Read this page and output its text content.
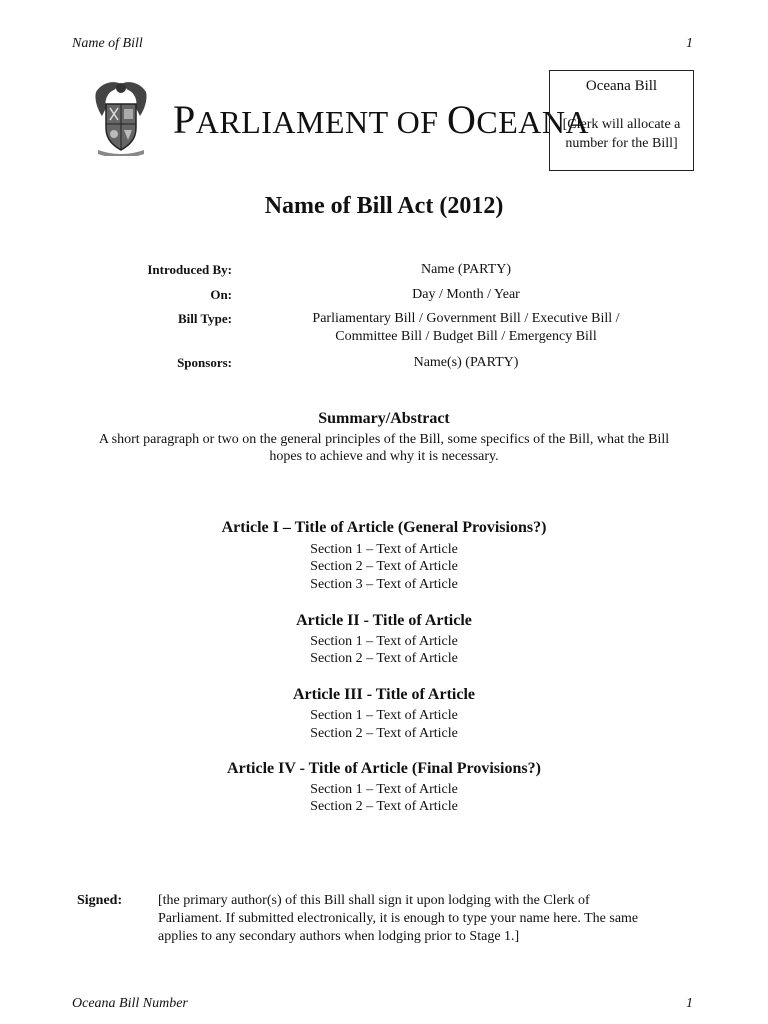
Name of Bill	1
PARLIAMENT OF OCEANA
Oceana Bill
[Clerk will allocate a number for the Bill]
Name of Bill Act (2012)
Introduced By:	Name (PARTY)
On:	Day / Month / Year
Bill Type:	Parliamentary Bill / Government Bill / Executive Bill /
Committee Bill / Budget Bill / Emergency Bill
Sponsors:	Name(s) (PARTY)
Summary/Abstract
A short paragraph or two on the general principles of the Bill, some specifics of the Bill, what the Bill
hopes to achieve and why it is necessary.
Article I – Title of Article (General Provisions?)
Section 1 – Text of Article
Section 2 – Text of Article
Section 3 – Text of Article
Article II - Title of Article
Section 1 – Text of Article
Section 2 – Text of Article
Article III - Title of Article
Section 1 – Text of Article
Section 2 – Text of Article
Article IV - Title of Article (Final Provisions?)
Section 1 – Text of Article
Section 2 – Text of Article
Signed:	[the primary author(s) of this Bill shall sign it upon lodging with the Clerk of
Parliament. If submitted electronically, it is enough to type your name here. The same
applies to any secondary authors when lodging prior to Stage 1.]
Oceana Bill Number	1
